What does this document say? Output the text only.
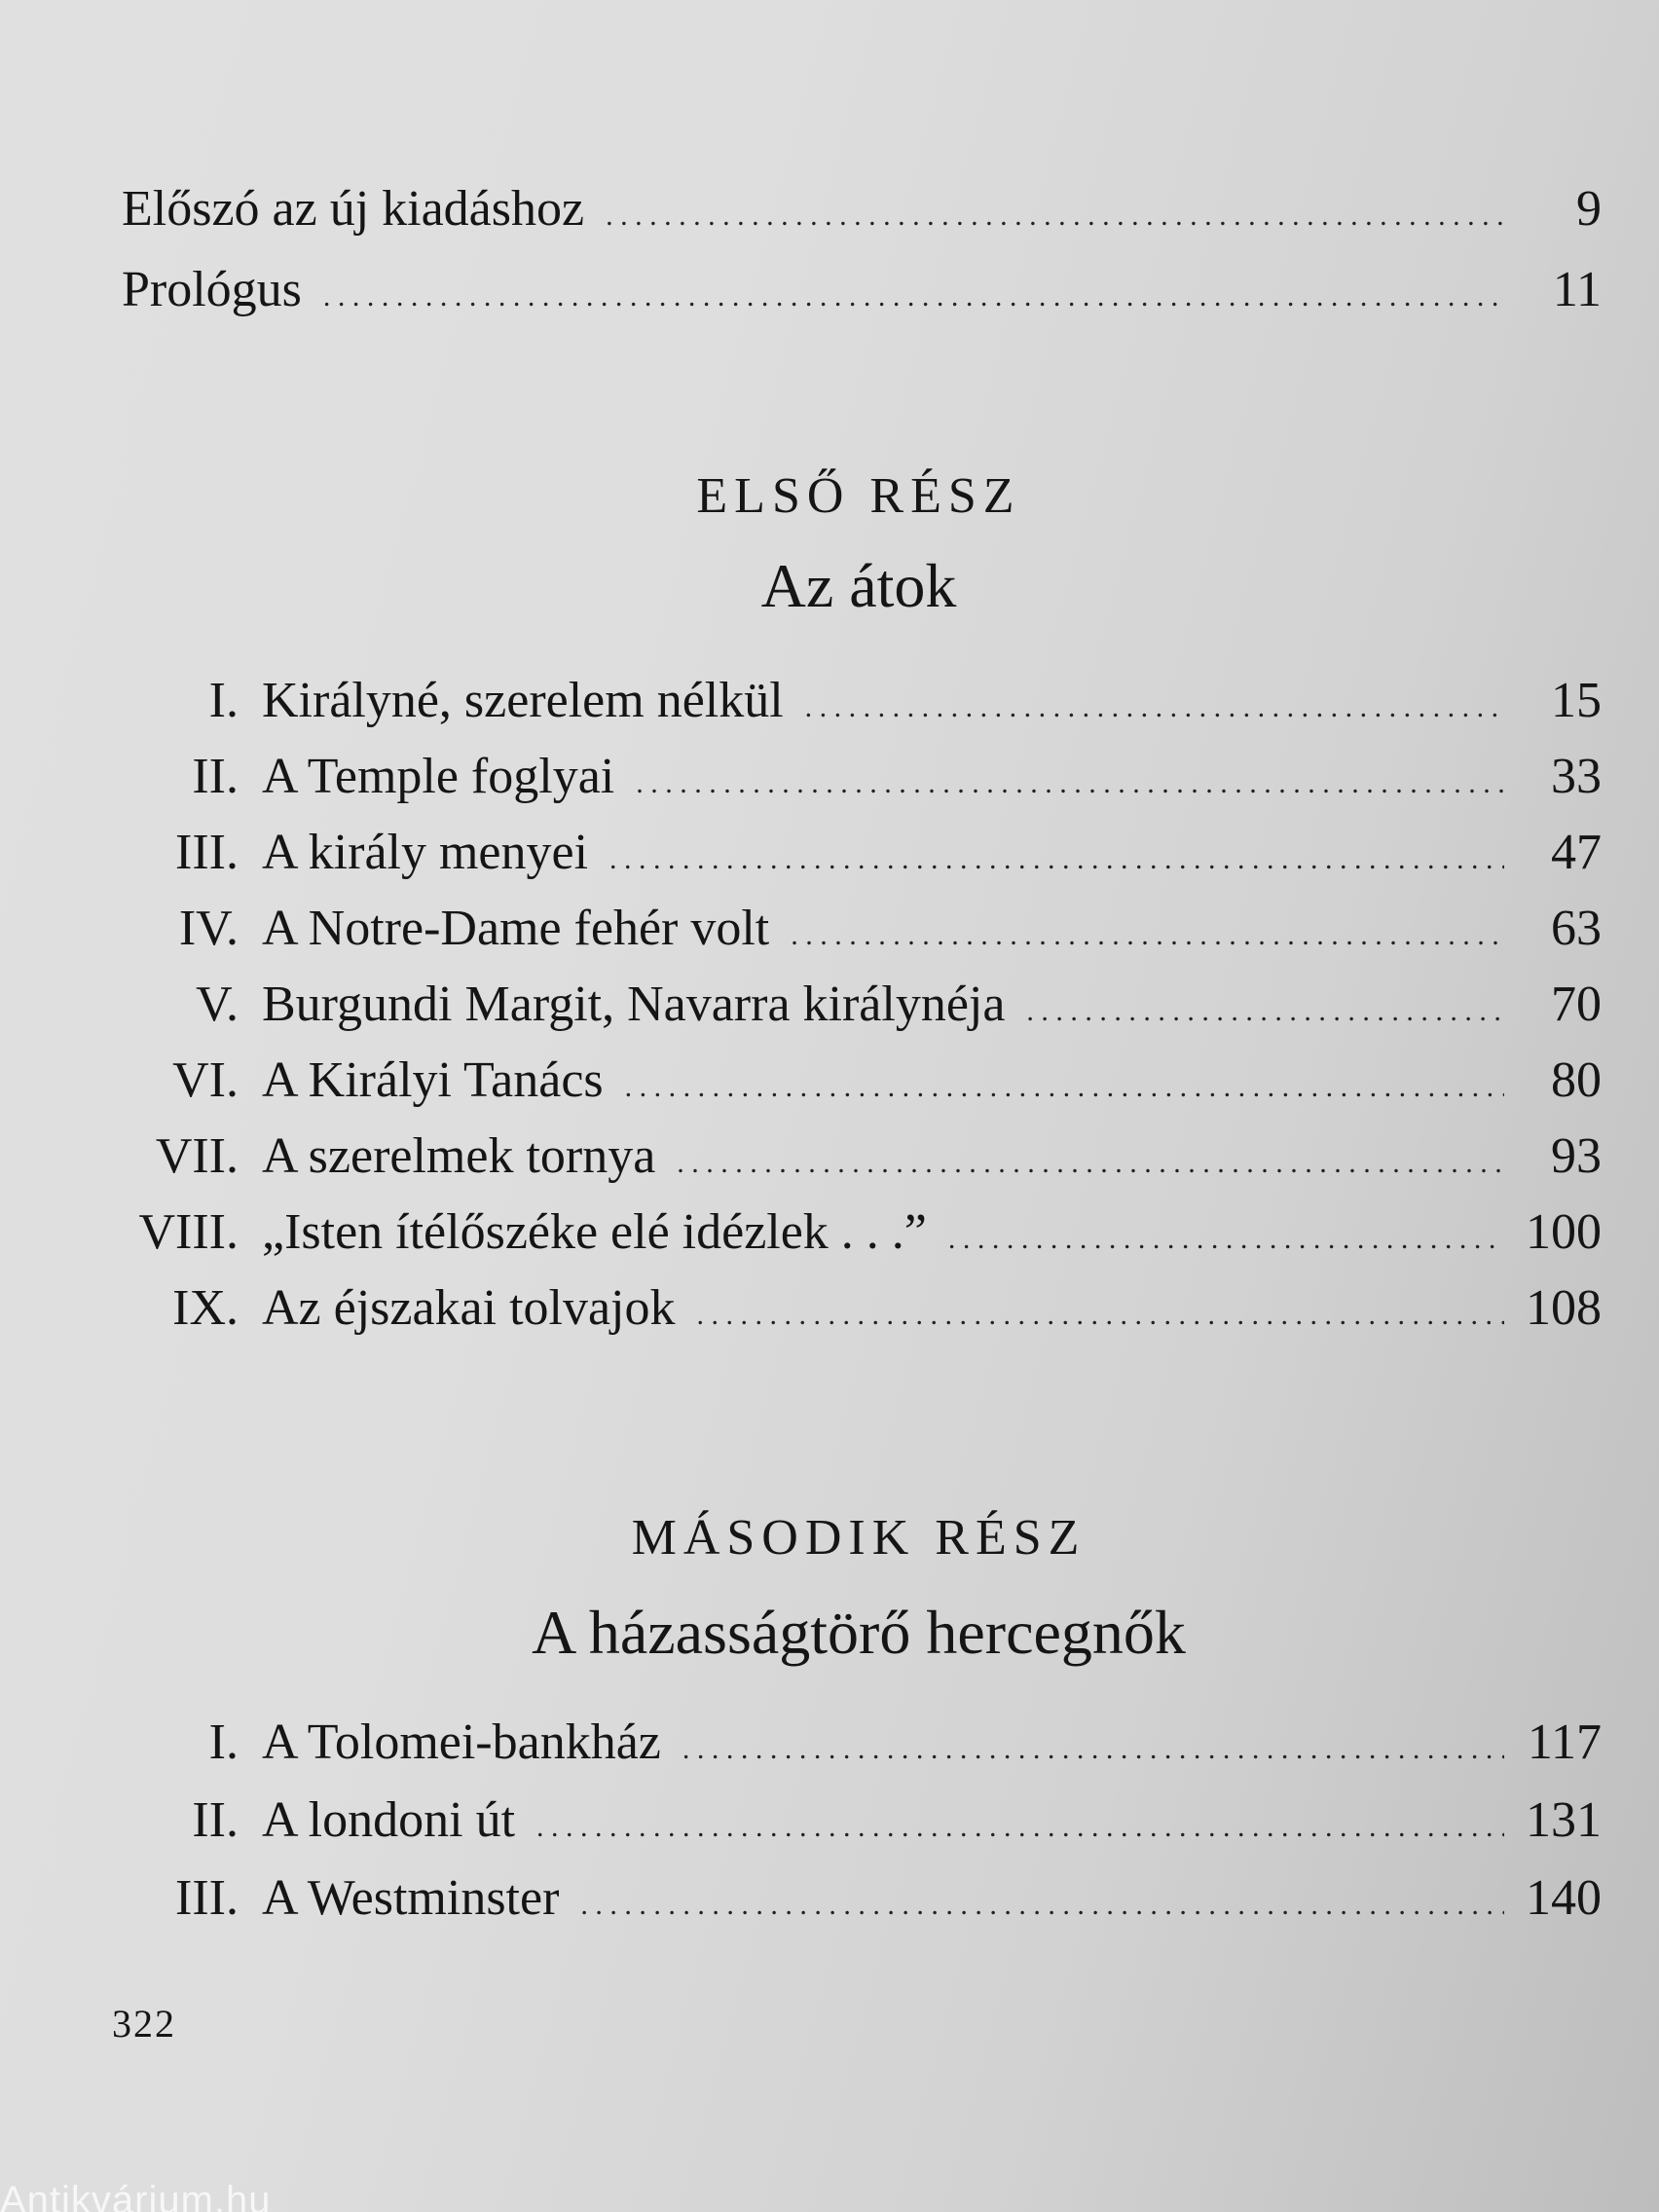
Előszó az új kiadáshoz . . .	9
Prológus . . .	11
ELSŐ RÉSZ
Az átok
I. Királyné, szerelem nélkül . . .	15
II. A Temple foglyai . . .	33
III. A király menyei . . .	47
IV. A Notre-Dame fehér volt . . .	63
V. Burgundi Margit, Navarra királynéja . . .	70
VI. A Királyi Tanács . . .	80
VII. A szerelmek tornya . . .	93
VIII. „Isten ítélőszéke elé idézlek . . .” . . .	100
IX. Az éjszakai tolvajok . . .	108
MÁSODIK RÉSZ
A házasságtörő hercegnők
I. A Tolomei-bankház . . .	117
II. A londoni út . . .	131
III. A Westminster . . .	140
322
Antikvárium.hu
